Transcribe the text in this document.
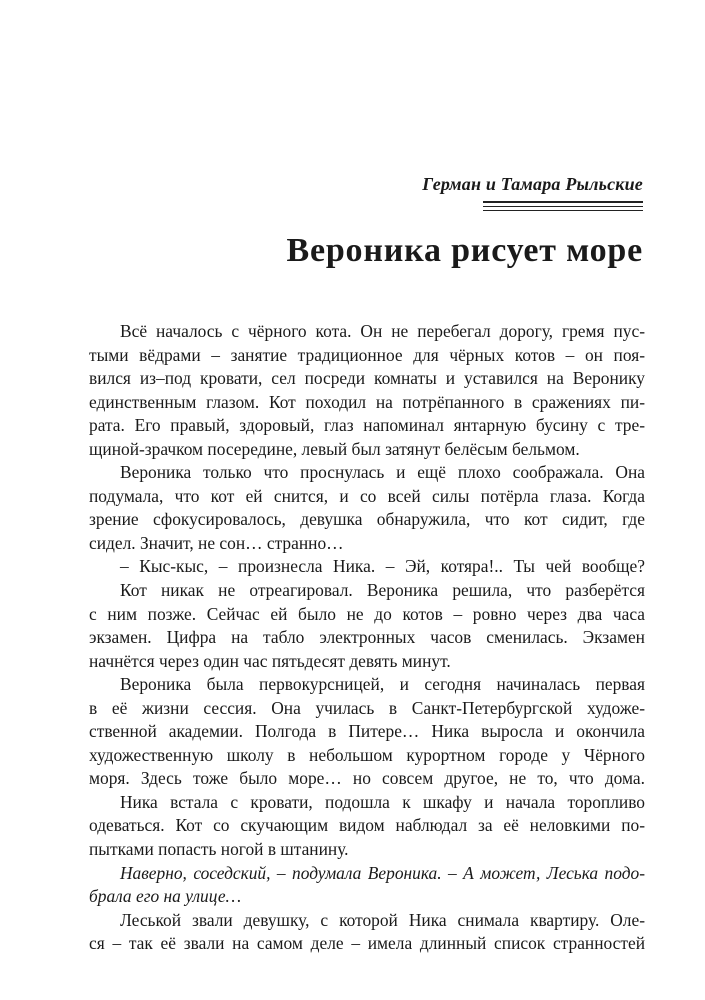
Герман и Тамара Рыльские
Вероника рисует море
Всё началось с чёрного кота. Он не перебегал дорогу, гремя пус-
тыми вёдрами – занятие традиционное для чёрных котов – он поя-
вился из–под кровати, сел посреди комнаты и уставился на Веронику
единственным глазом. Кот походил на потрёпанного в сражениях пи-
рата. Его правый, здоровый, глаз напоминал янтарную бусину с тре-
щиной-зрачком посередине, левый был затянут белёсым бельмом.
Вероника только что проснулась и ещё плохо соображала. Она
подумала, что кот ей снится, и со всей силы потёрла глаза. Когда
зрение сфокусировалось, девушка обнаружила, что кот сидит, где
сидел. Значит, не сон… странно…
– Кыс-кыс, – произнесла Ника. – Эй, котяра!.. Ты чей вообще?
Кот никак не отреагировал. Вероника решила, что разберётся
с ним позже. Сейчас ей было не до котов – ровно через два часа
экзамен. Цифра на табло электронных часов сменилась. Экзамен
начнётся через один час пятьдесят девять минут.
Вероника была первокурсницей, и сегодня начиналась первая
в её жизни сессия. Она училась в Санкт-Петербургской художе-
ственной академии. Полгода в Питере… Ника выросла и окончила
художественную школу в небольшом курортном городе у Чёрного
моря. Здесь тоже было море… но совсем другое, не то, что дома.
Ника встала с кровати, подошла к шкафу и начала торопливо
одеваться. Кот со скучающим видом наблюдал за её неловкими по-
пытками попасть ногой в штанину.
Наверно, соседский, – подумала Вероника. – А может, Леська подо-
брала его на улице…
Леськой звали девушку, с которой Ника снимала квартиру. Оле-
ся – так её звали на самом деле – имела длинный список странностей
